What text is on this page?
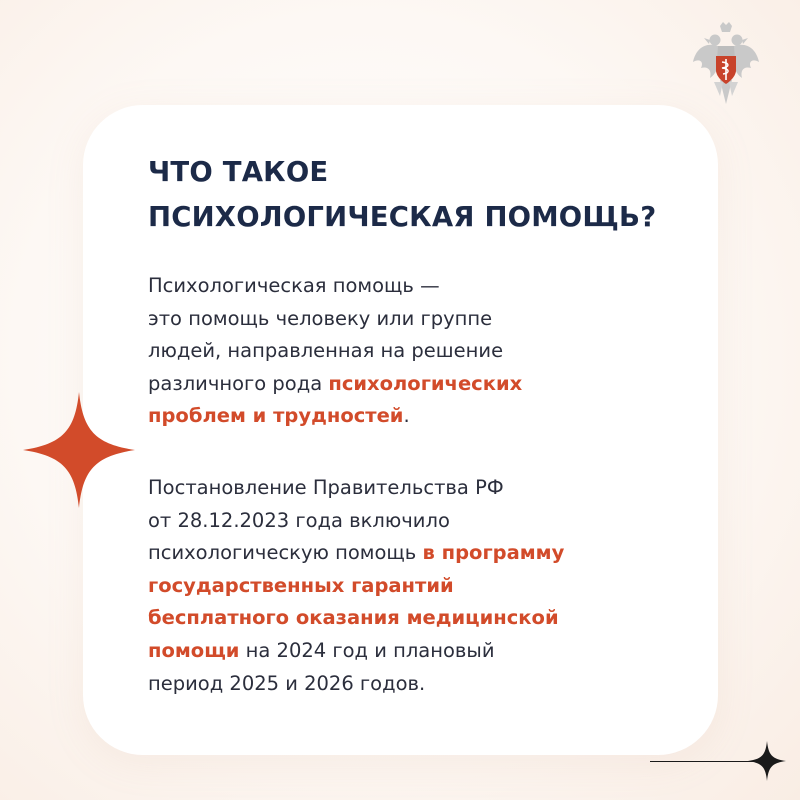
ЧТО ТАКОЕ
ПСИХОЛОГИЧЕСКАЯ ПОМОЩЬ?

Психологическая помощь —
это помощь человеку или группе
людей, направленная на решение
различного рода психологических
проблем и трудностей.

Постановление Правительства РФ
от 28.12.2023 года включило
психологическую помощь в программу
государственных гарантий
бесплатного оказания медицинской
помощи на 2024 год и плановый
период 2025 и 2026 годов.
